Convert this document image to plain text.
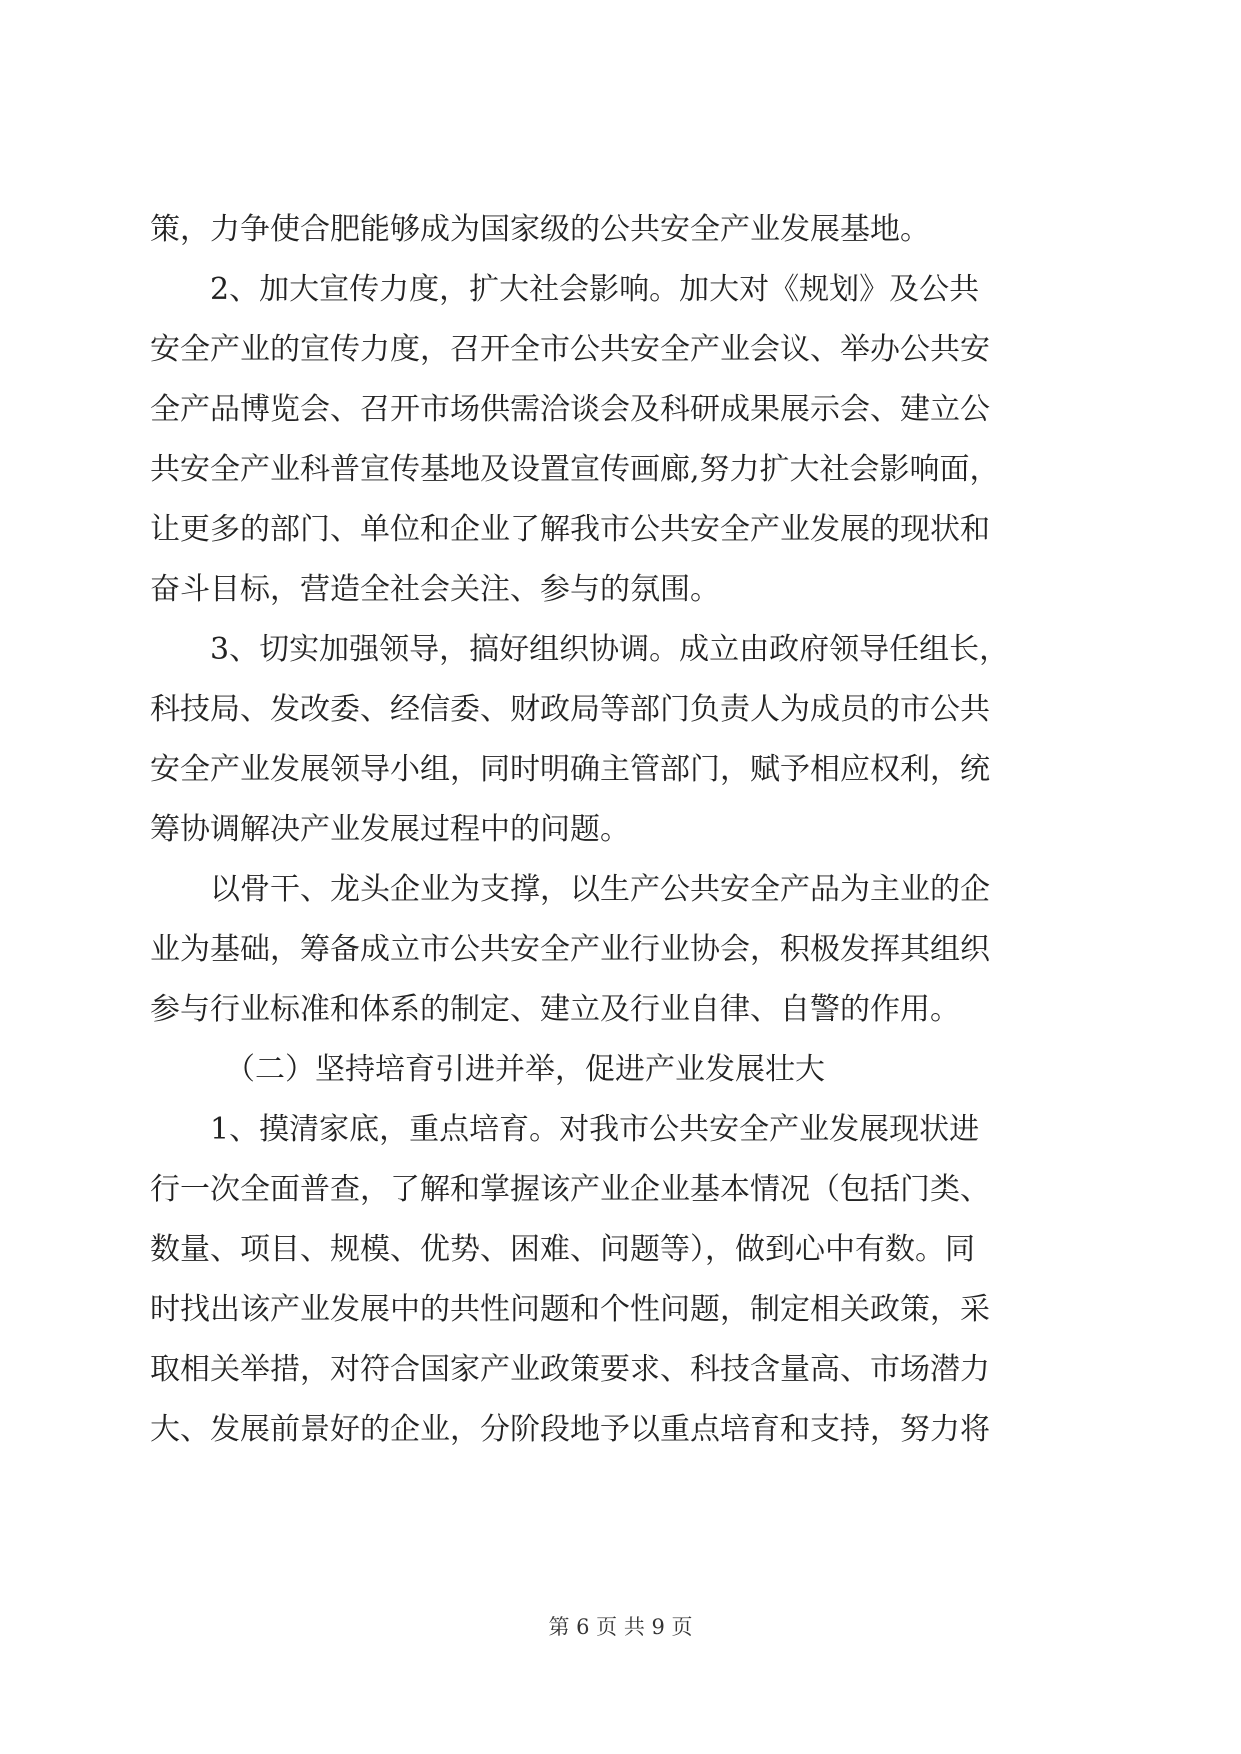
策，力争使合肥能够成为国家级的公共安全产业发展基地。
2、加大宣传力度，扩大社会影响。加大对《规划》及公共
安全产业的宣传力度，召开全市公共安全产业会议、举办公共安
全产品博览会、召开市场供需洽谈会及科研成果展示会、建立公
共安全产业科普宣传基地及设置宣传画廊,努力扩大社会影响面，
让更多的部门、单位和企业了解我市公共安全产业发展的现状和
奋斗目标，营造全社会关注、参与的氛围。
3、切实加强领导，搞好组织协调。成立由政府领导任组长，
科技局、发改委、经信委、财政局等部门负责人为成员的市公共
安全产业发展领导小组，同时明确主管部门，赋予相应权利，统
筹协调解决产业发展过程中的问题。
以骨干、龙头企业为支撑，以生产公共安全产品为主业的企
业为基础，筹备成立市公共安全产业行业协会，积极发挥其组织
参与行业标准和体系的制定、建立及行业自律、自警的作用。
（二）坚持培育引进并举，促进产业发展壮大
1、摸清家底，重点培育。对我市公共安全产业发展现状进
行一次全面普查，了解和掌握该产业企业基本情况（包括门类、
数量、项目、规模、优势、困难、问题等），做到心中有数。同
时找出该产业发展中的共性问题和个性问题，制定相关政策，采
取相关举措，对符合国家产业政策要求、科技含量高、市场潜力
大、发展前景好的企业，分阶段地予以重点培育和支持，努力将
第 6 页 共 9 页
